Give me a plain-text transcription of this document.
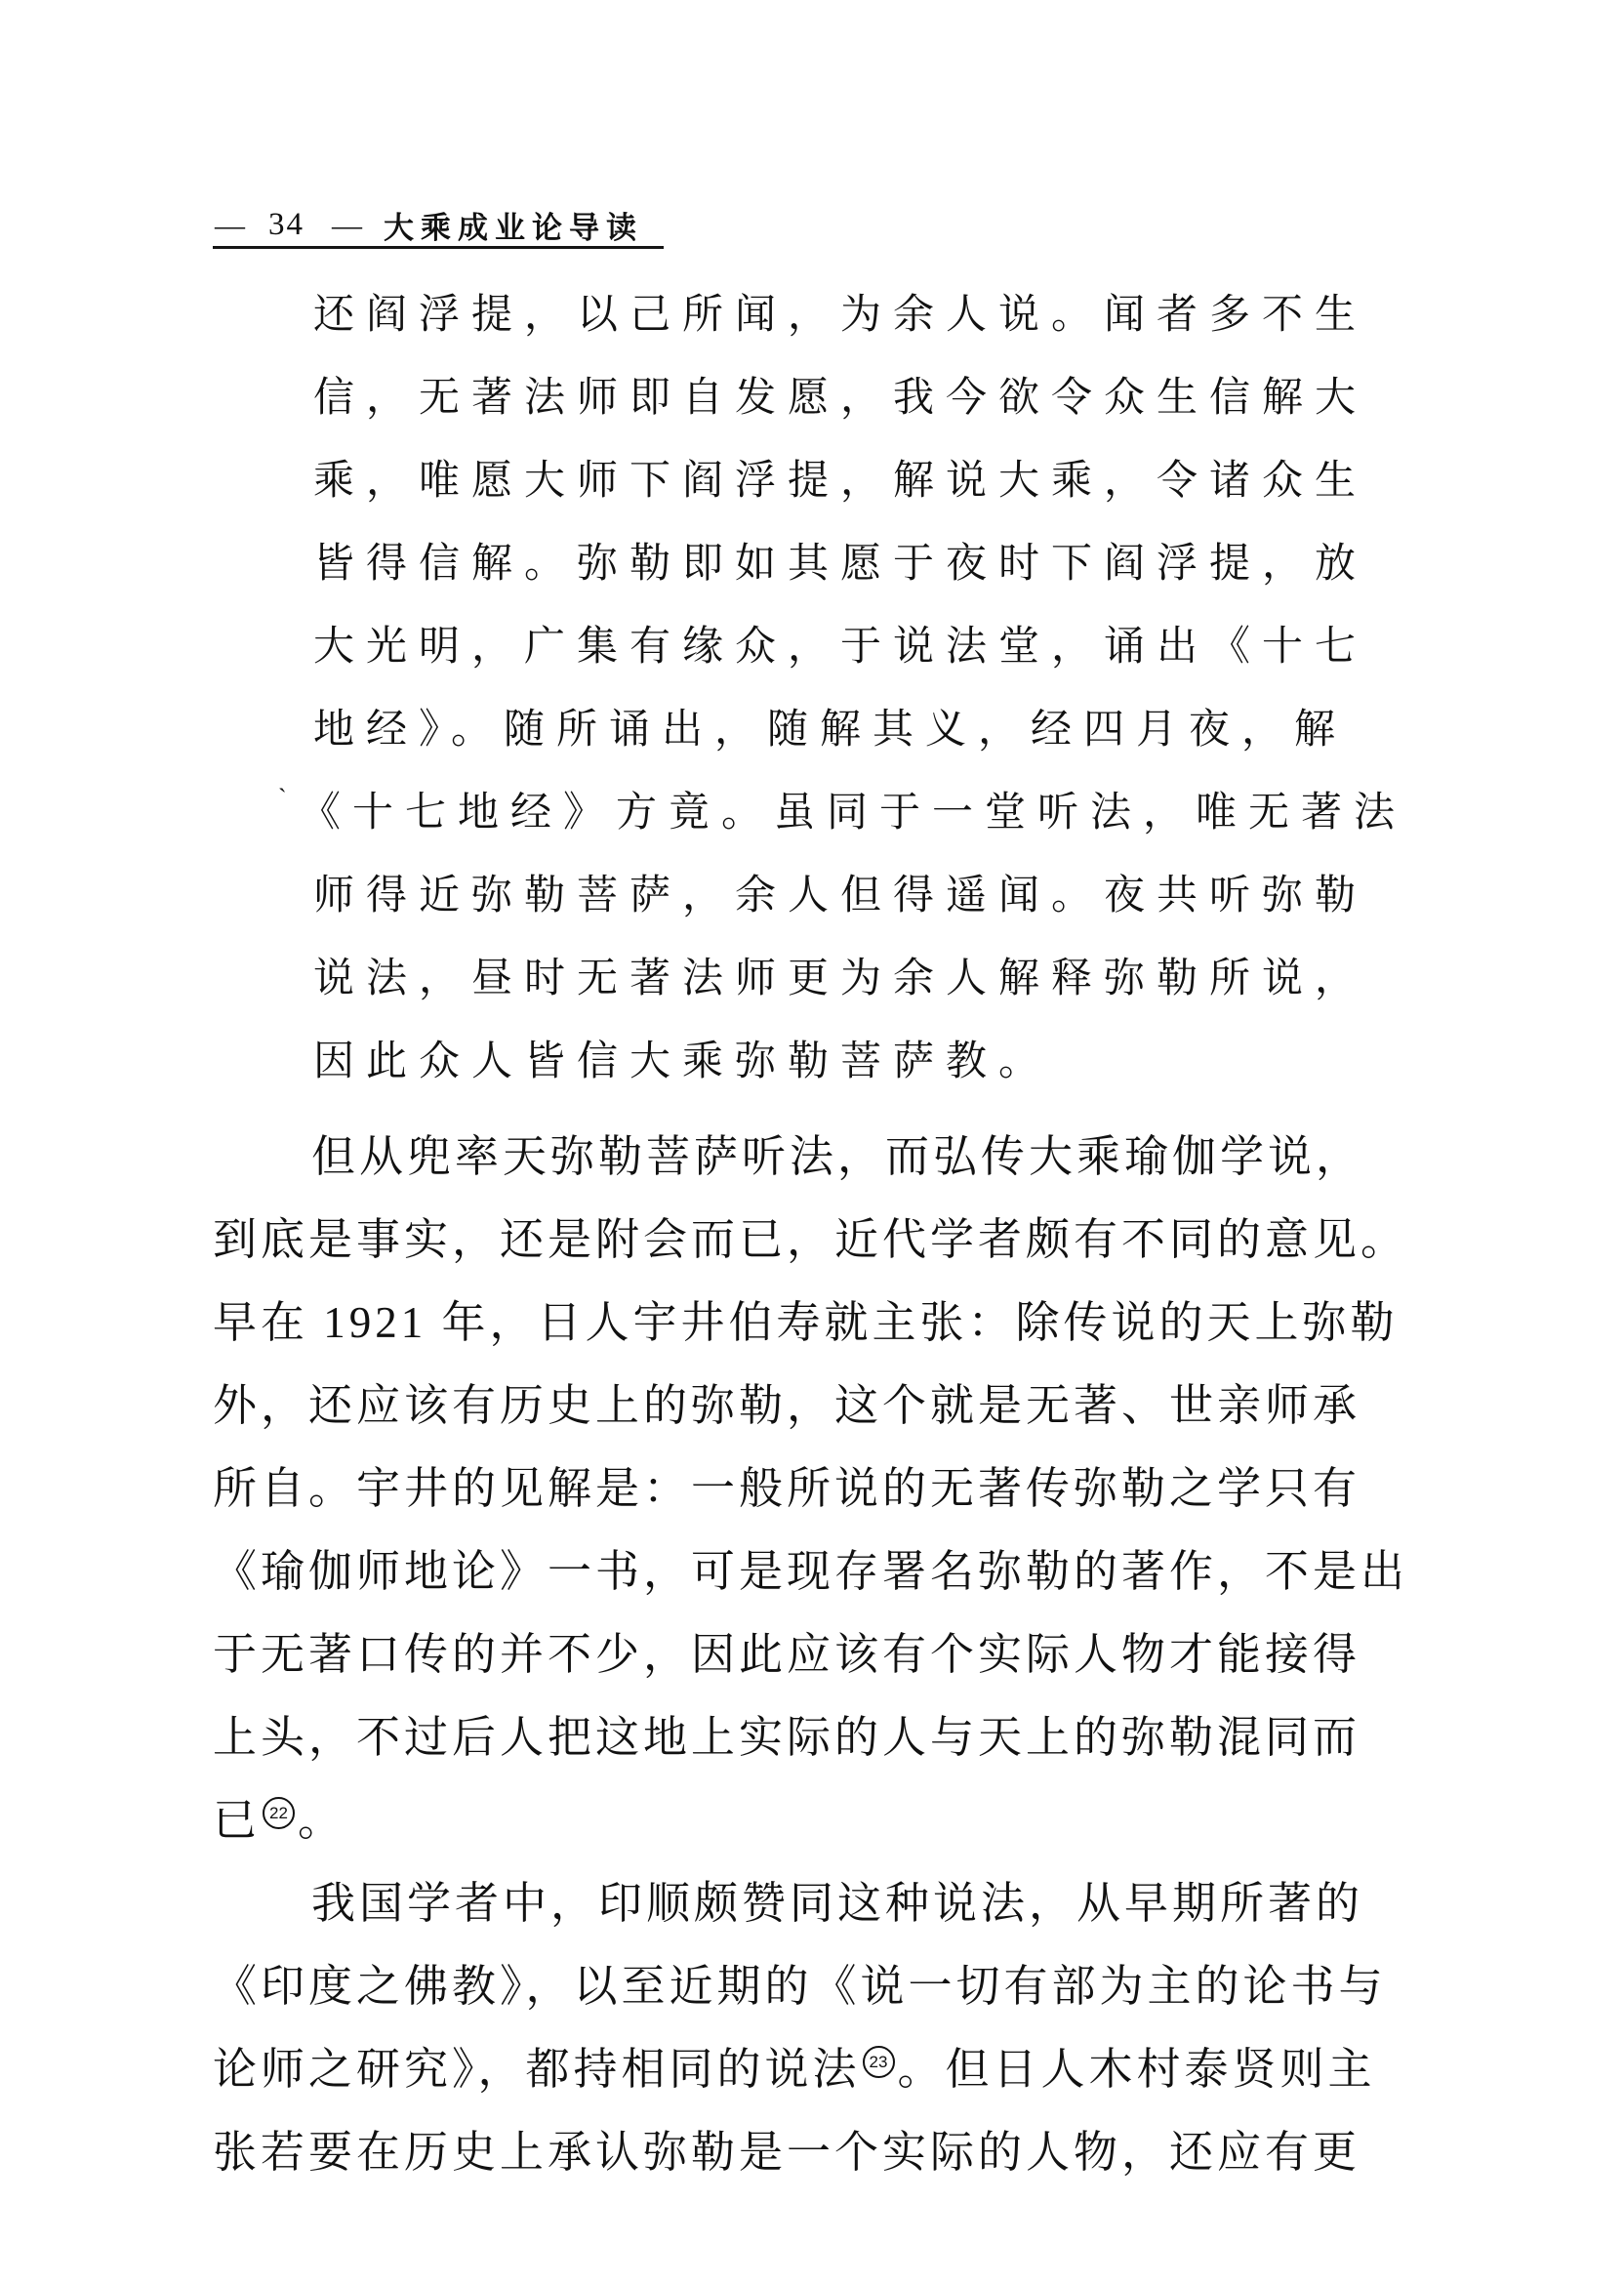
— 34 — 大乘成业论导读
还阎浮提，以己所闻，为余人说。闻者多不生
信，无著法师即自发愿，我今欲令众生信解大
乘，唯愿大师下阎浮提，解说大乘，令诸众生
皆得信解。弥勒即如其愿于夜时下阎浮提，放
大光明，广集有缘众，于说法堂，诵出《十七
地经》。随所诵出，随解其义，经四月夜，解
` 《十七地经》方竟。虽同于一堂听法，唯无著法
师得近弥勒菩萨，余人但得遥闻。夜共听弥勒
说法，昼时无著法师更为余人解释弥勒所说，
因此众人皆信大乘弥勒菩萨教。
但从兜率天弥勒菩萨听法，而弘传大乘瑜伽学说，
到底是事实，还是附会而已，近代学者颇有不同的意见。
早在 1921 年，日人宇井伯寿就主张：除传说的天上弥勒
外，还应该有历史上的弥勒，这个就是无著、世亲师承
所自。宇井的见解是：一般所说的无著传弥勒之学只有
《瑜伽师地论》一书，可是现存署名弥勒的著作，不是出
于无著口传的并不少，因此应该有个实际人物才能接得
上头，不过后人把这地上实际的人与天上的弥勒混同而
已 22 。
我国学者中，印顺颇赞同这种说法，从早期所著的
《印度之佛教》，以至近期的《说一切有部为主的论书与
论师之研究》，都持相同的说法 23 。但日人木村泰贤则主
张若要在历史上承认弥勒是一个实际的人物，还应有更
